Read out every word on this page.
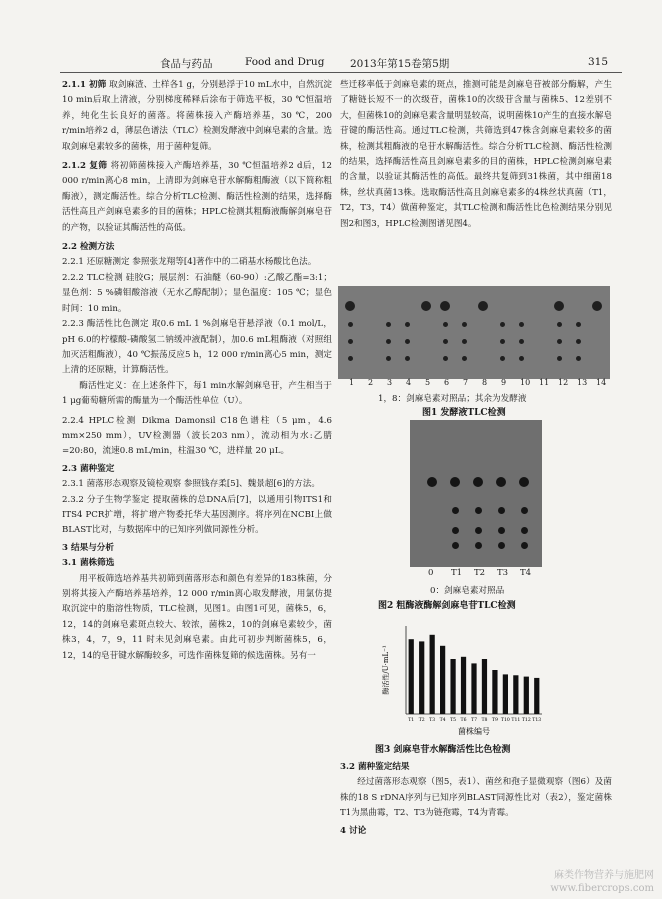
食品与药品	Food and Drug 2013年第15卷第5期	315

2.1.1 初筛 取剑麻渣、土样各1 g，分别悬浮于10 mL水中，自然沉淀10 min后取上清液，分别梯度稀释后涂布于筛选平板，30 ℃恒温培养，纯化生长良好的菌落。将菌株接入产酶培养基，30 ℃，200 r/min培养2 d，薄层色谱法（TLC）检测发酵液中剑麻皂素的含量。选取剑麻皂素较多的菌株，用于菌种复筛。

2.1.2 复筛 将初筛菌株接入产酶培养基，30 ℃恒温培养2 d后，12 000 r/min离心8 min，上清即为剑麻皂苷水解酶粗酶液（以下简称粗酶液），测定酶活性。综合分析TLC检测、酶活性检测的结果，选择酶活性高且产剑麻皂素多的目的菌株；HPLC检测其粗酶液酶解剑麻皂苷的产物，以验证其酶活性的高低。

2.2 检测方法

2.2.1 还原糖测定 参照张龙翔等[4]著作中的二硝基水杨酸比色法。

2.2.2 TLC检测 硅胶G；展层剂：石油醚（60-90）:乙酸乙酯=3:1；显色剂：5 %磷钼酸溶液（无水乙醇配制）；显色温度：105 ℃；显色时间：10 min。

2.2.3 酶活性比色测定 取0.6 mL 1 %剑麻皂苷悬浮液（0.1 mol/L，pH 6.0的柠檬酸-磷酸氢二钠缓冲液配制），加0.6 mL粗酶液（对照组加灭活粗酶液），40 ℃振荡反应5 h，12 000 r/min离心5 min，测定上清的还原糖，计算酶活性。

酶活性定义：在上述条件下，每1 min水解剑麻皂苷，产生相当于1 μg葡萄糖所需的酶量为一个酶活性单位（U）。

2.2.4 HPLC检测 Dikma Damonsil C18色谱柱（5 μm，4.6 mm×250 mm），UV检测器（波长203 nm），流动相为水:乙腈=20:80，流速0.8 mL/min，柱温30 ℃，进样量 20 μL。

2.3 菌种鉴定

2.3.1 菌落形态观察及镜检观察 参照钱存柔[5]、魏景超[6]的方法。

2.3.2 分子生物学鉴定 提取菌株的总DNA后[7]，以通用引物ITS1和ITS4 PCR扩增，将扩增产物委托华大基因测序。将序列在NCBI上做BLAST比对，与数据库中的已知序列做同源性分析。

3 结果与分析

3.1 菌株筛选

用平板筛选培养基共初筛到菌落形态和颜色有差异的183株菌，分别将其接入产酶培养基培养，12 000 r/min离心取发酵液，用氯仿提取沉淀中的脂溶性物质，TLC检测，见图1。由图1可见，菌株5，6，12，14的剑麻皂素斑点较大、较浓，菌株2，10的剑麻皂素较少，菌株3，4，7，9，11 时未见剑麻皂素。由此可初步判断菌株5，6，12，14的皂苷键水解酶较多，可选作菌株复筛的候选菌株。另有一

些迁移率低于剑麻皂素的斑点，推测可能是剑麻皂苷被部分酶解，产生了糖链长短不一的次级苷，菌株10的次级苷含量与菌株5、12差别不大，但菌株10的剑麻皂素含量明显较高，说明菌株10产生的直接水解皂苷键的酶活性高。通过TLC检测，共筛选到47株含剑麻皂素较多的菌株，检测其粗酶液的皂苷水解酶活性。综合分析TLC检测、酶活性检测的结果，选择酶活性高且剑麻皂素多的目的菌株，HPLC检测剑麻皂素的含量，以验证其酶活性的高低。最终共复筛到31株菌，其中细菌18株，丝状真菌13株。选取酶活性高且剑麻皂素多的4株丝状真菌（T1，T2，T3，T4）做菌种鉴定，其TLC检测和酶活性比色检测结果分别见图2和图3，HPLC检测图谱见图4。

1 2 3 4 5 6 7 8 9 10 11 12 13 14
1，8：剑麻皂素对照品；其余为发酵液
图1 发酵液TLC检测
0 T1 T2 T3 T4
0：剑麻皂素对照品
图2 粗酶液酶解剑麻皂苷TLC检测
T1 T2 T3 T4 T5 T6 T7 T8 T9 T10 T11 T12 T13
酶活性/U·mL⁻¹
菌株编号
图3 剑麻皂苷水解酶活性比色检测

3.2 菌种鉴定结果

经过菌落形态观察（图5，表1）、菌丝和孢子显微观察（图6）及菌株的18 S rDNA序列与已知序列BLAST同源性比对（表2），鉴定菌株T1为黑曲霉，T2、T3为链孢霉，T4为青霉。

4 讨论

麻类作物营养与施肥网
www.fibercrops.com
